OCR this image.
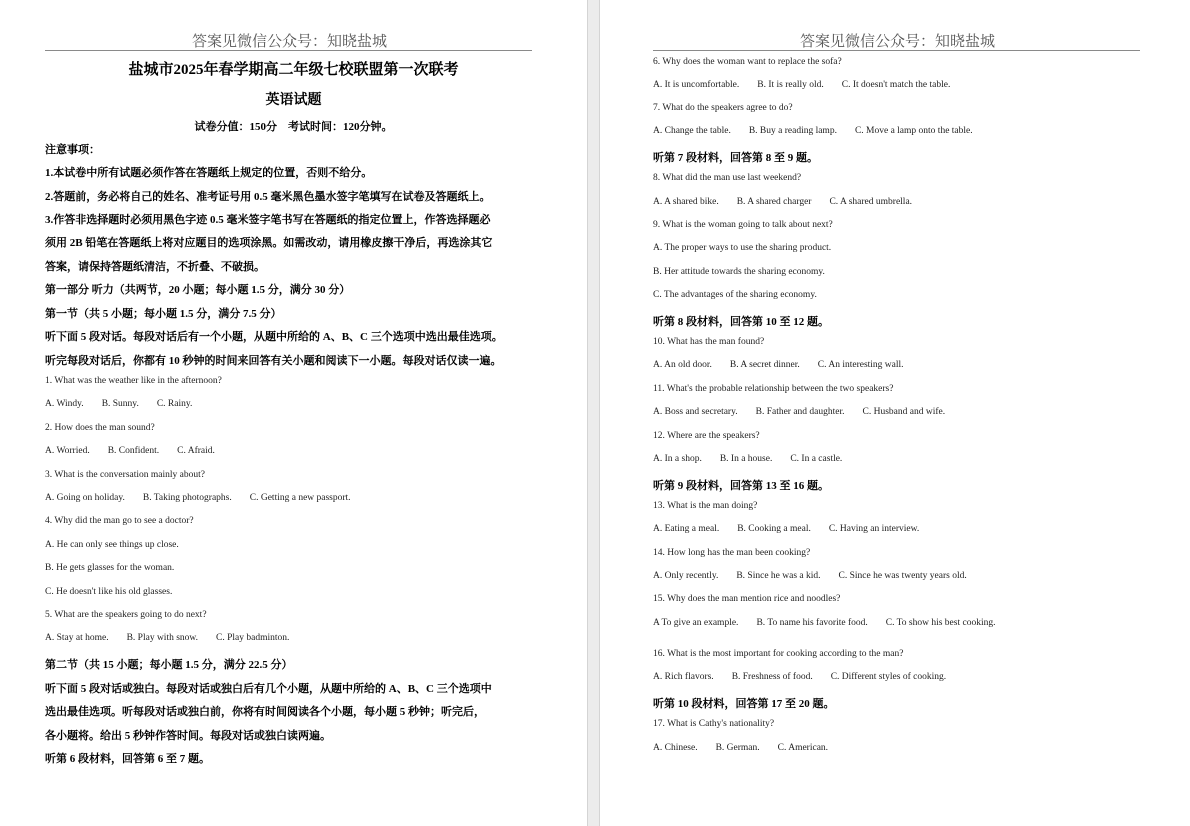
答案见微信公众号：知晓盐城
盐城市2025年春学期高二年级七校联盟第一次联考
英语试题
试卷分值：150分　考试时间：120分钟。
注意事项：
1.本试卷中所有试题必须作答在答题纸上规定的位置，否则不给分。
2.答题前，务必将自己的姓名、准考证号用 0.5 毫米黑色墨水签字笔填写在试卷及答题纸上。
3.作答非选择题时必须用黑色字迹 0.5 毫米签字笔书写在答题纸的指定位置上，作答选择题必
须用 2B 铅笔在答题纸上将对应题目的选项涂黑。如需改动，请用橡皮擦干净后，再选涂其它
答案，请保持答题纸清洁，不折叠、不破损。
第一部分 听力（共两节，20 小题；每小题 1.5 分，满分 30 分）
第一节（共 5 小题；每小题 1.5 分，满分 7.5 分）
听下面 5 段对话。每段对话后有一个小题，从题中所给的 A、B、C 三个选项中选出最佳选项。
听完每段对话后，你都有 10 秒钟的时间来回答有关小题和阅读下一小题。每段对话仅读一遍。
1. What was the weather like in the afternoon?
A. Windy. B. Sunny. C. Rainy.
2. How does the man sound?
A. Worried. B. Confident. C. Afraid.
3. What is the conversation mainly about?
A. Going on holiday. B. Taking photographs. C. Getting a new passport.
4. Why did the man go to see a doctor?
A. He can only see things up close.
B. He gets glasses for the woman.
C. He doesn't like his old glasses.
5. What are the speakers going to do next?
A. Stay at home. B. Play with snow. C. Play badminton.
第二节（共 15 小题；每小题 1.5 分，满分 22.5 分）
听下面 5 段对话或独白。每段对话或独白后有几个小题，从题中所给的 A、B、C 三个选项中
选出最佳选项。听每段对话或独白前，你将有时间阅读各个小题，每小题 5 秒钟；听完后，
各小题将。给出 5 秒钟作答时间。每段对话或独白读两遍。
听第 6 段材料，回答第 6 至 7 题。
答案见微信公众号：知晓盐城
6. Why does the woman want to replace the sofa?
A. It is uncomfortable. B. It is really old. C. It doesn't match the table.
7. What do the speakers agree to do?
A. Change the table. B. Buy a reading lamp. C. Move a lamp onto the table.
听第 7 段材料，回答第 8 至 9 题。
8. What did the man use last weekend?
A. A shared bike. B. A shared charger C. A shared umbrella.
9. What is the woman going to talk about next?
A. The proper ways to use the sharing product.
B. Her attitude towards the sharing economy.
C. The advantages of the sharing economy.
听第 8 段材料，回答第 10 至 12 题。
10. What has the man found?
A. An old door. B. A secret dinner. C. An interesting wall.
11. What's the probable relationship between the two speakers?
A. Boss and secretary. B. Father and daughter. C. Husband and wife.
12. Where are the speakers?
A. In a shop. B. In a house. C. In a castle.
听第 9 段材料，回答第 13 至 16 题。
13. What is the man doing?
A. Eating a meal. B. Cooking a meal. C. Having an interview.
14. How long has the man been cooking?
A. Only recently. B. Since he was a kid. C. Since he was twenty years old.
15. Why does the man mention rice and noodles?
A To give an example. B. To name his favorite food. C. To show his best cooking.
16. What is the most important for cooking according to the man?
A. Rich flavors. B. Freshness of food. C. Different styles of cooking.
听第 10 段材料，回答第 17 至 20 题。
17. What is Cathy's nationality?
A. Chinese. B. German. C. American.
